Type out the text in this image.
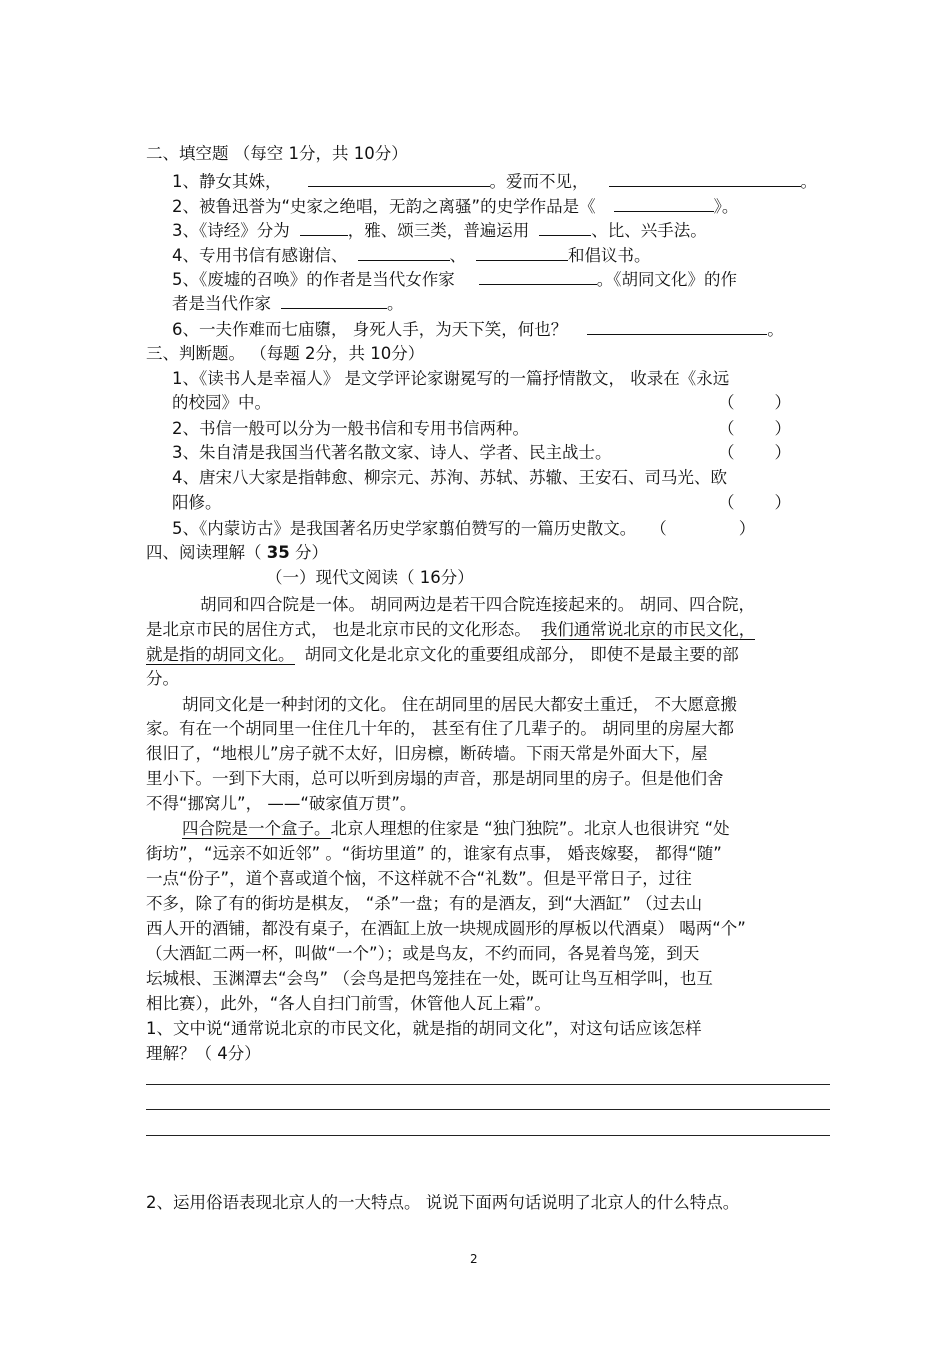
二、填空题 （每空 1分，共 10分）
1、静女其姝，	。爱而不见，	。
2、被鲁迅誉为“史家之绝唱，无韵之离骚”的史学作品是《	》。
3、《诗经》分为	，雅、颂三类，普遍运用	、比、兴手法。
4、专用书信有感谢信、	、	和倡议书。
5、《废墟的召唤》的作者是当代女作家	。《胡同文化》的作
者是当代作家	。
6、一夫作难而七庙隳， 身死人手，为天下笑，何也？	。
三、判断题。 （每题 2分，共 10分）
1、《读书人是幸福人》 是文学评论家谢冕写的一篇抒情散文， 收录在《永远
的校园》中。	（ ）
2、书信一般可以分为一般书信和专用书信两种。	（ ）
3、朱自清是我国当代著名散文家、诗人、学者、民主战士。	（ ）
4、唐宋八大家是指韩愈、柳宗元、苏洵、苏轼、苏辙、王安石、司马光、欧
阳修。	（ ）
5、《内蒙访古》是我国著名历史学家翦伯赞写的一篇历史散文。 （	）
四、阅读理解（ 35 分）
（一）现代文阅读（ 16分）
胡同和四合院是一体。 胡同两边是若干四合院连接起来的。 胡同、四合院，
是北京市民的居住方式， 也是北京市民的文化形态。 我们通常说北京的市民文化，
就是指的胡同文化。 胡同文化是北京文化的重要组成部分， 即使不是最主要的部
分。
胡同文化是一种封闭的文化。 住在胡同里的居民大都安土重迁， 不大愿意搬
家。有在一个胡同里一住住几十年的， 甚至有住了几辈子的。 胡同里的房屋大都
很旧了，“地根儿”房子就不太好，旧房檩，断砖墙。下雨天常是外面大下，屋
里小下。一到下大雨，总可以听到房塌的声音，那是胡同里的房子。但是他们舍
不得“挪窝儿”， ——“破家值万贯”。
四合院是一个盒子。北京人理想的住家是 “独门独院”。北京人也很讲究 “处
街坊”，“远亲不如近邻” 。“街坊里道” 的，谁家有点事， 婚丧嫁娶， 都得“随”
一点“份子”，道个喜或道个恼，不这样就不合“礼数”。但是平常日子，过往
不多，除了有的街坊是棋友， “杀”一盘；有的是酒友，到“大酒缸” （过去山
西人开的酒铺，都没有桌子，在酒缸上放一块规成圆形的厚板以代酒桌） 喝两“个”
（大酒缸二两一杯，叫做“一个”）；或是鸟友，不约而同，各晃着鸟笼，到天
坛城根、玉渊潭去“会鸟” （会鸟是把鸟笼挂在一处，既可让鸟互相学叫，也互
相比赛），此外，“各人自扫门前雪，休管他人瓦上霜”。
1、文中说“通常说北京的市民文化，就是指的胡同文化”，对这句话应该怎样
理解？（ 4分）
2、运用俗语表现北京人的一大特点。 说说下面两句话说明了北京人的什么特点。
2
